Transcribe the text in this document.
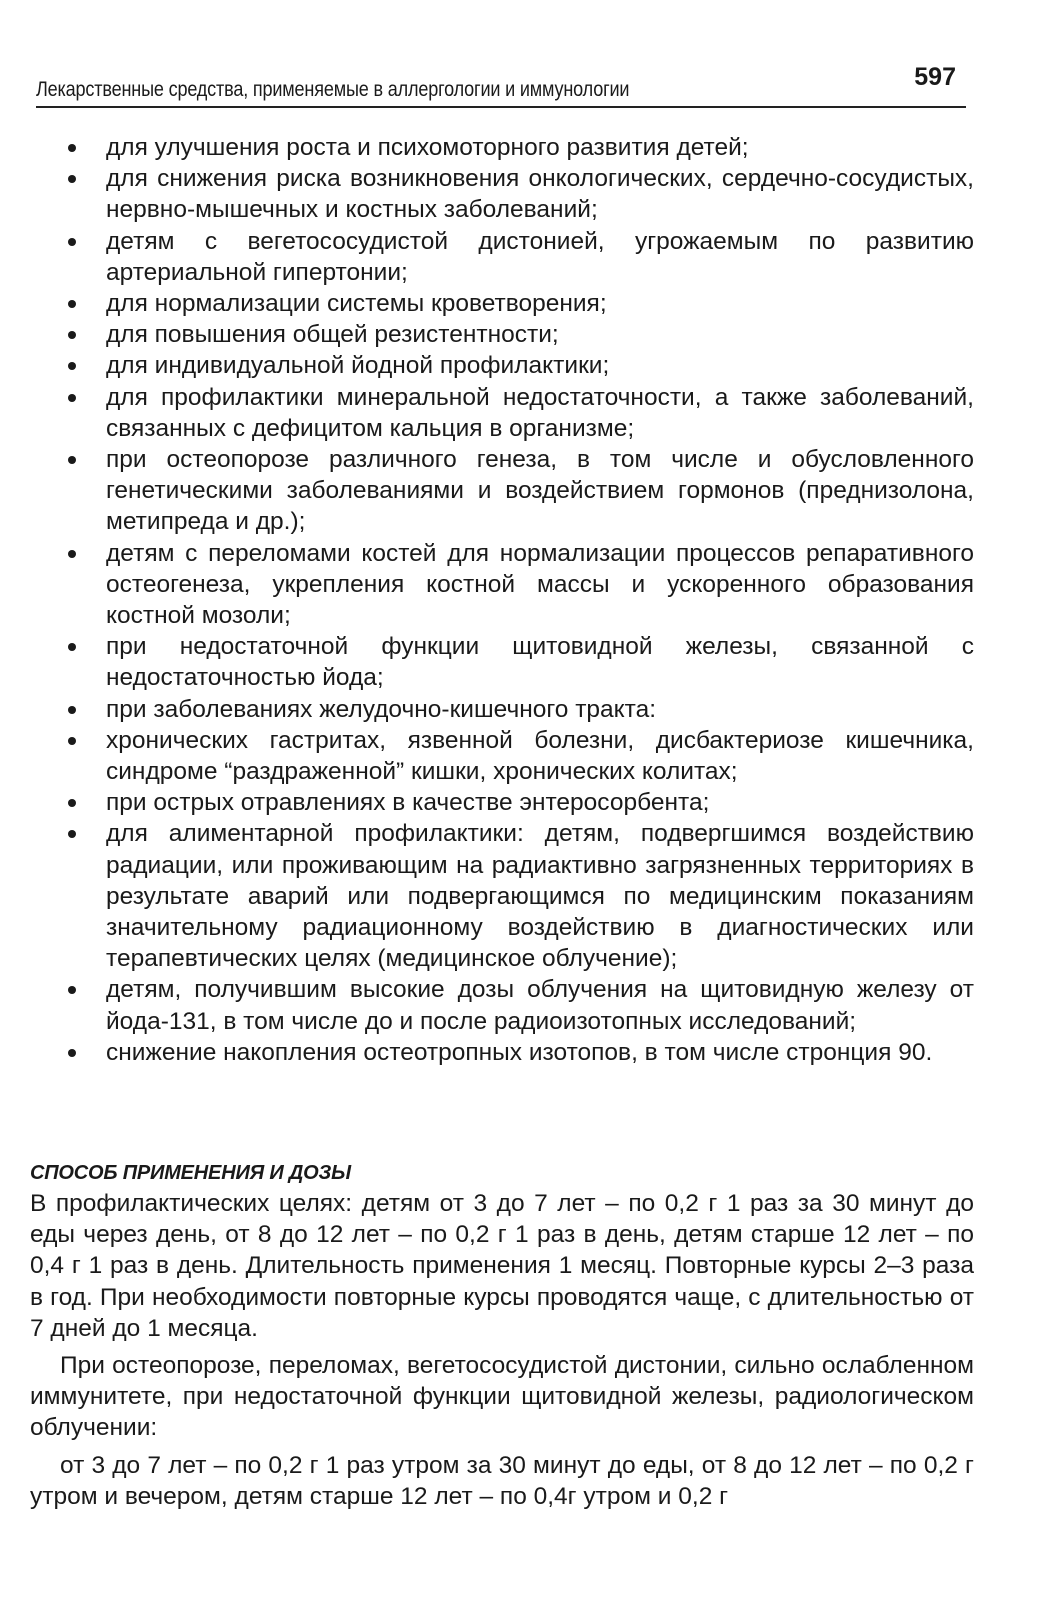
Лекарственные средства, применяемые в аллергологии и иммунологии	597
для улучшения роста и психомоторного развития детей;
для снижения риска возникновения онкологических, сердечно-сосудистых, нервно-мышечных и костных заболеваний;
детям с вегетососудистой дистонией, угрожаемым по развитию артериальной гипертонии;
для нормализации системы кроветворения;
для повышения общей резистентности;
для индивидуальной йодной профилактики;
для профилактики минеральной недостаточности, а также заболеваний, связанных с дефицитом кальция в организме;
при остеопорозе различного генеза, в том числе и обусловленного генетическими заболеваниями и воздействием гормонов (преднизолона, метипреда и др.);
детям с переломами костей для нормализации процессов репаративного остеогенеза, укрепления костной массы и ускоренного образования костной мозоли;
при недостаточной функции щитовидной железы, связанной с недостаточностью йода;
при заболеваниях желудочно-кишечного тракта:
хронических гастритах, язвенной болезни, дисбактериозе кишечника, синдроме “раздраженной” кишки, хронических колитах;
при острых отравлениях в качестве энтеросорбента;
для алиментарной профилактики: детям, подвергшимся воздействию радиации, или проживающим на радиактивно загрязненных территориях в результате аварий или подвергающимся по медицинским показаниям значительному радиационному воздействию в диагностических или терапевтических целях (медицинское облучение);
детям, получившим высокие дозы облучения на щитовидную железу от йода-131, в том числе до и после радиоизотопных исследований;
снижение накопления остеотропных изотопов, в том числе стронция 90.
СПОСОБ ПРИМЕНЕНИЯ И ДОЗЫ

В профилактических целях: детям от 3 до 7 лет – по 0,2 г 1 раз за 30 минут до еды через день, от 8 до 12 лет – по 0,2 г 1 раз в день, детям старше 12 лет – по 0,4 г 1 раз в день. Длительность применения 1 месяц. Повторные курсы 2–3 раза в год. При необходимости повторные курсы проводятся чаще, с длительностью от 7 дней до 1 месяца.

При остеопорозе, переломах, вегетососудистой дистонии, сильно ослабленном иммунитете, при недостаточной функции щитовидной железы, радиологическом облучении:

от 3 до 7 лет – по 0,2 г 1 раз утром за 30 минут до еды, от 8 до 12 лет – по 0,2 г утром и вечером, детям старше 12 лет – по 0,4г утром и 0,2 г
